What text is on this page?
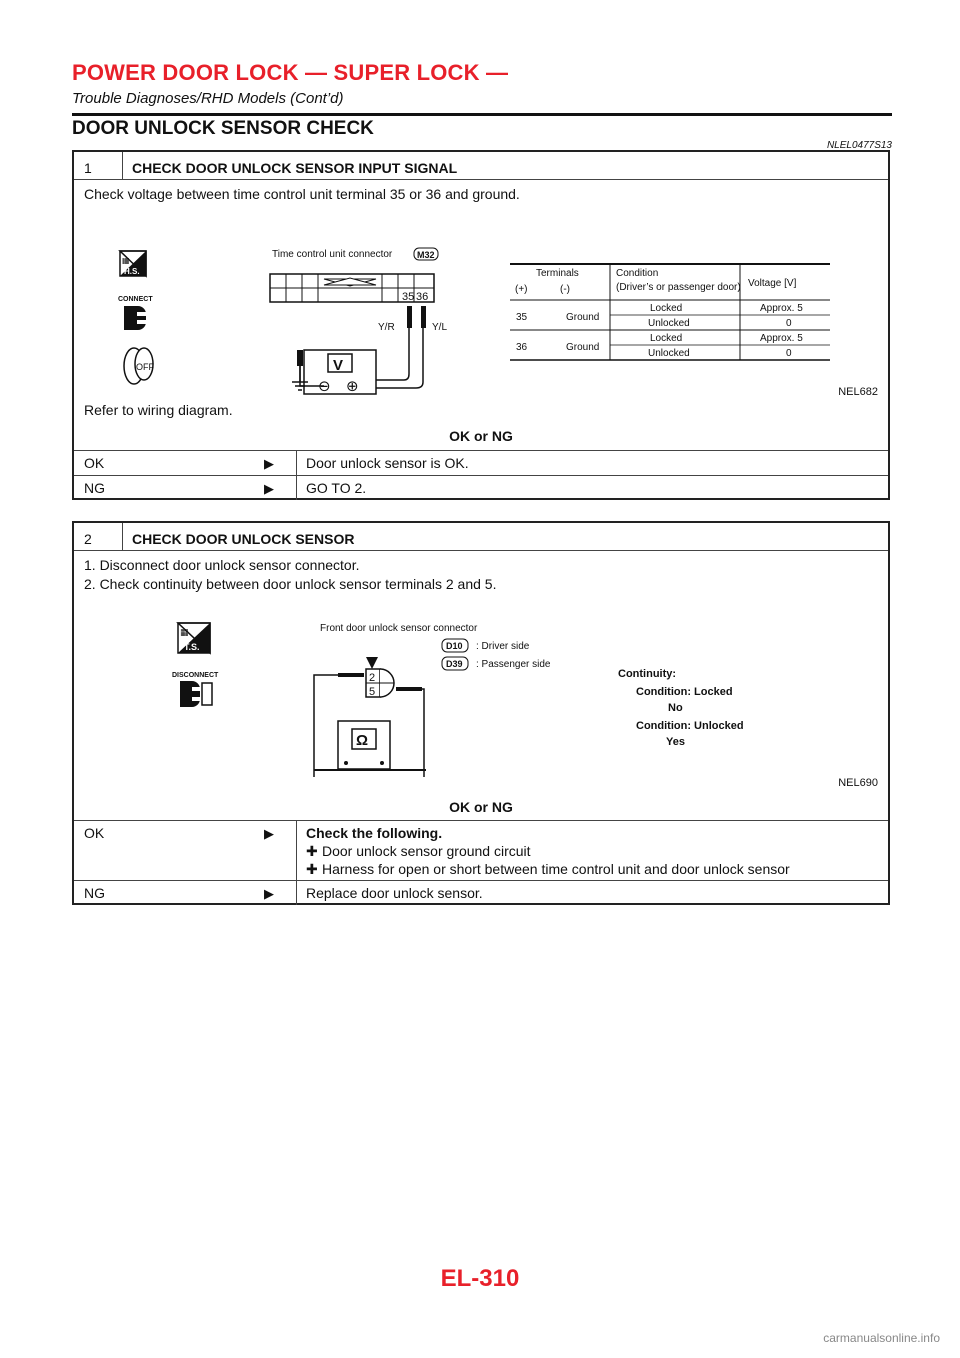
POWER DOOR LOCK — SUPER LOCK —
Trouble Diagnoses/RHD Models (Cont’d)
DOOR UNLOCK SENSOR CHECK
NLEL0477S13
1	CHECK DOOR UNLOCK SENSOR INPUT SIGNAL
Check voltage between time control unit terminal 35 or 36 and ground.
▦
H.S.
CONNECT
OFF
Time control unit connector	M32
35 36
Y/R	Y/L
V
⊖ ⊕
Terminals
(+)	(-)
Condition
(Driver’s or passenger door) Voltage [V]
35	Ground
Locked	Approx. 5
Unlocked	0
36	Ground
Locked	Approx. 5
Unlocked	0
NEL682
Refer to wiring diagram.
OK or NG
OK	▶ Door unlock sensor is OK.
NG	▶ GO TO 2.
2	CHECK DOOR UNLOCK SENSOR
1. Disconnect door unlock sensor connector.
2. Check continuity between door unlock sensor terminals 2 and 5.
▦
T.S.
DISCONNECT
Front door unlock sensor connector
D10 : Driver side
D39 : Passenger side
2
5
Ω
Continuity:
Condition: Locked
No
Condition: Unlocked
Yes
NEL690
OK or NG
OK	▶ Check the following.
✚ Door unlock sensor ground circuit
✚ Harness for open or short between time control unit and door unlock sensor
NG	▶ Replace door unlock sensor.
EL-310
carmanualsonline.info
